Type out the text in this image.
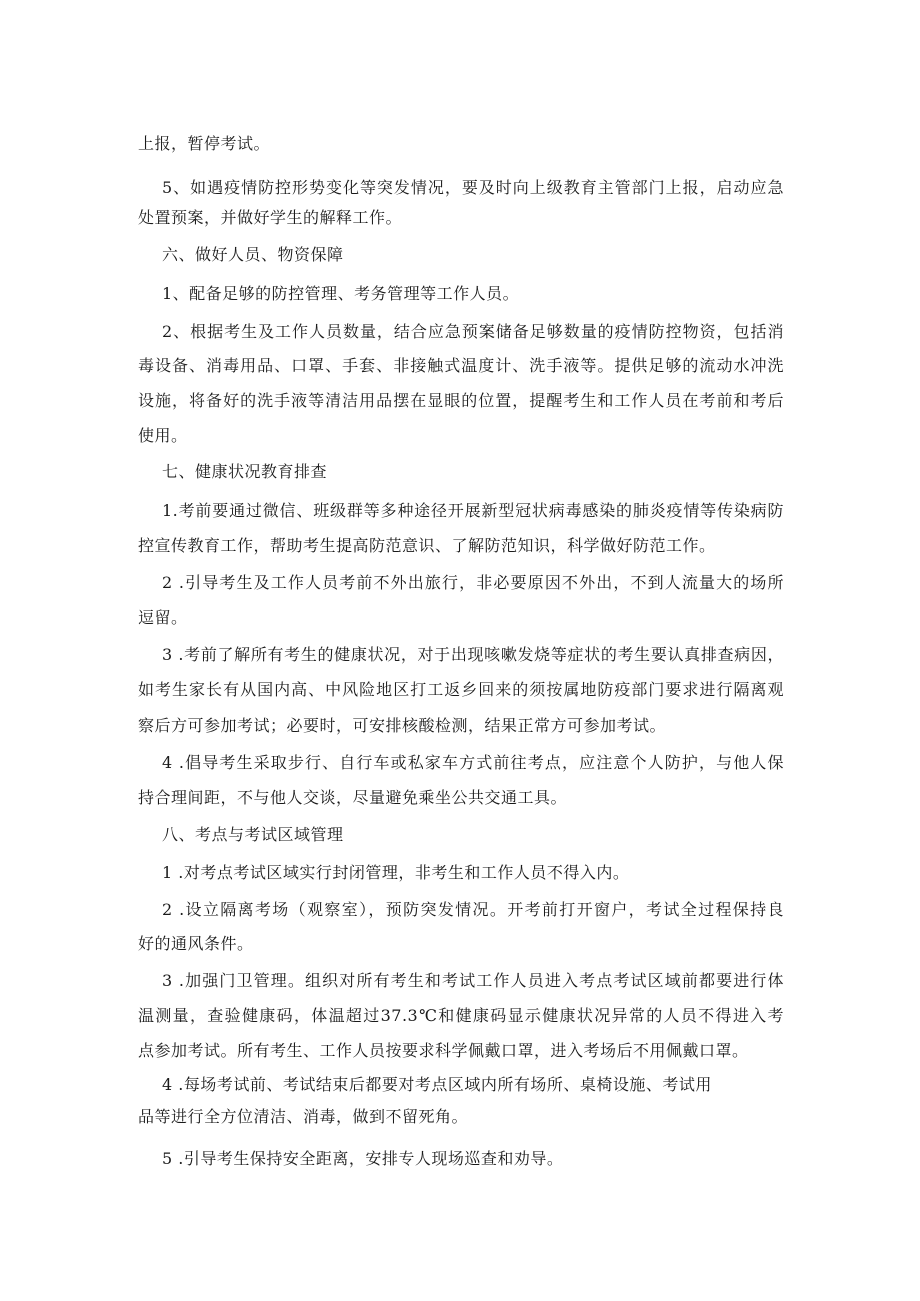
上报，暂停考试。
5、如遇疫情防控形势变化等突发情况，要及时向上级教育主管部门上报，启动应急
处置预案，并做好学生的解释工作。
六、做好人员、物资保障
1、配备足够的防控管理、考务管理等工作人员。
2、根据考生及工作人员数量，结合应急预案储备足够数量的疫情防控物资，包括消
毒设备、消毒用品、口罩、手套、非接触式温度计、洗手液等。提供足够的流动水冲洗
设施，将备好的洗手液等清洁用品摆在显眼的位置，提醒考生和工作人员在考前和考后
使用。
七、健康状况教育排查
1.考前要通过微信、班级群等多种途径开展新型冠状病毒感染的肺炎疫情等传染病防
控宣传教育工作，帮助考生提高防范意识、了解防范知识，科学做好防范工作。
2 .引导考生及工作人员考前不外出旅行，非必要原因不外出，不到人流量大的场所
逗留。
3 .考前了解所有考生的健康状况，对于出现咳嗽发烧等症状的考生要认真排查病因，
如考生家长有从国内高、中风险地区打工返乡回来的须按属地防疫部门要求进行隔离观
察后方可参加考试；必要时，可安排核酸检测，结果正常方可参加考试。
4 .倡导考生采取步行、自行车或私家车方式前往考点，应注意个人防护，与他人保
持合理间距，不与他人交谈，尽量避免乘坐公共交通工具。
八、考点与考试区域管理
1 .对考点考试区域实行封闭管理，非考生和工作人员不得入内。
2 .设立隔离考场（观察室），预防突发情况。开考前打开窗户，考试全过程保持良
好的通风条件。
3 .加强门卫管理。组织对所有考生和考试工作人员进入考点考试区域前都要进行体
温测量，查验健康码，体温超过37.3℃和健康码显示健康状况异常的人员不得进入考
点参加考试。所有考生、工作人员按要求科学佩戴口罩，进入考场后不用佩戴口罩。
4 .每场考试前、考试结束后都要对考点区域内所有场所、桌椅设施、考试用
品等进行全方位清洁、消毒，做到不留死角。
5 .引导考生保持安全距离，安排专人现场巡查和劝导。
